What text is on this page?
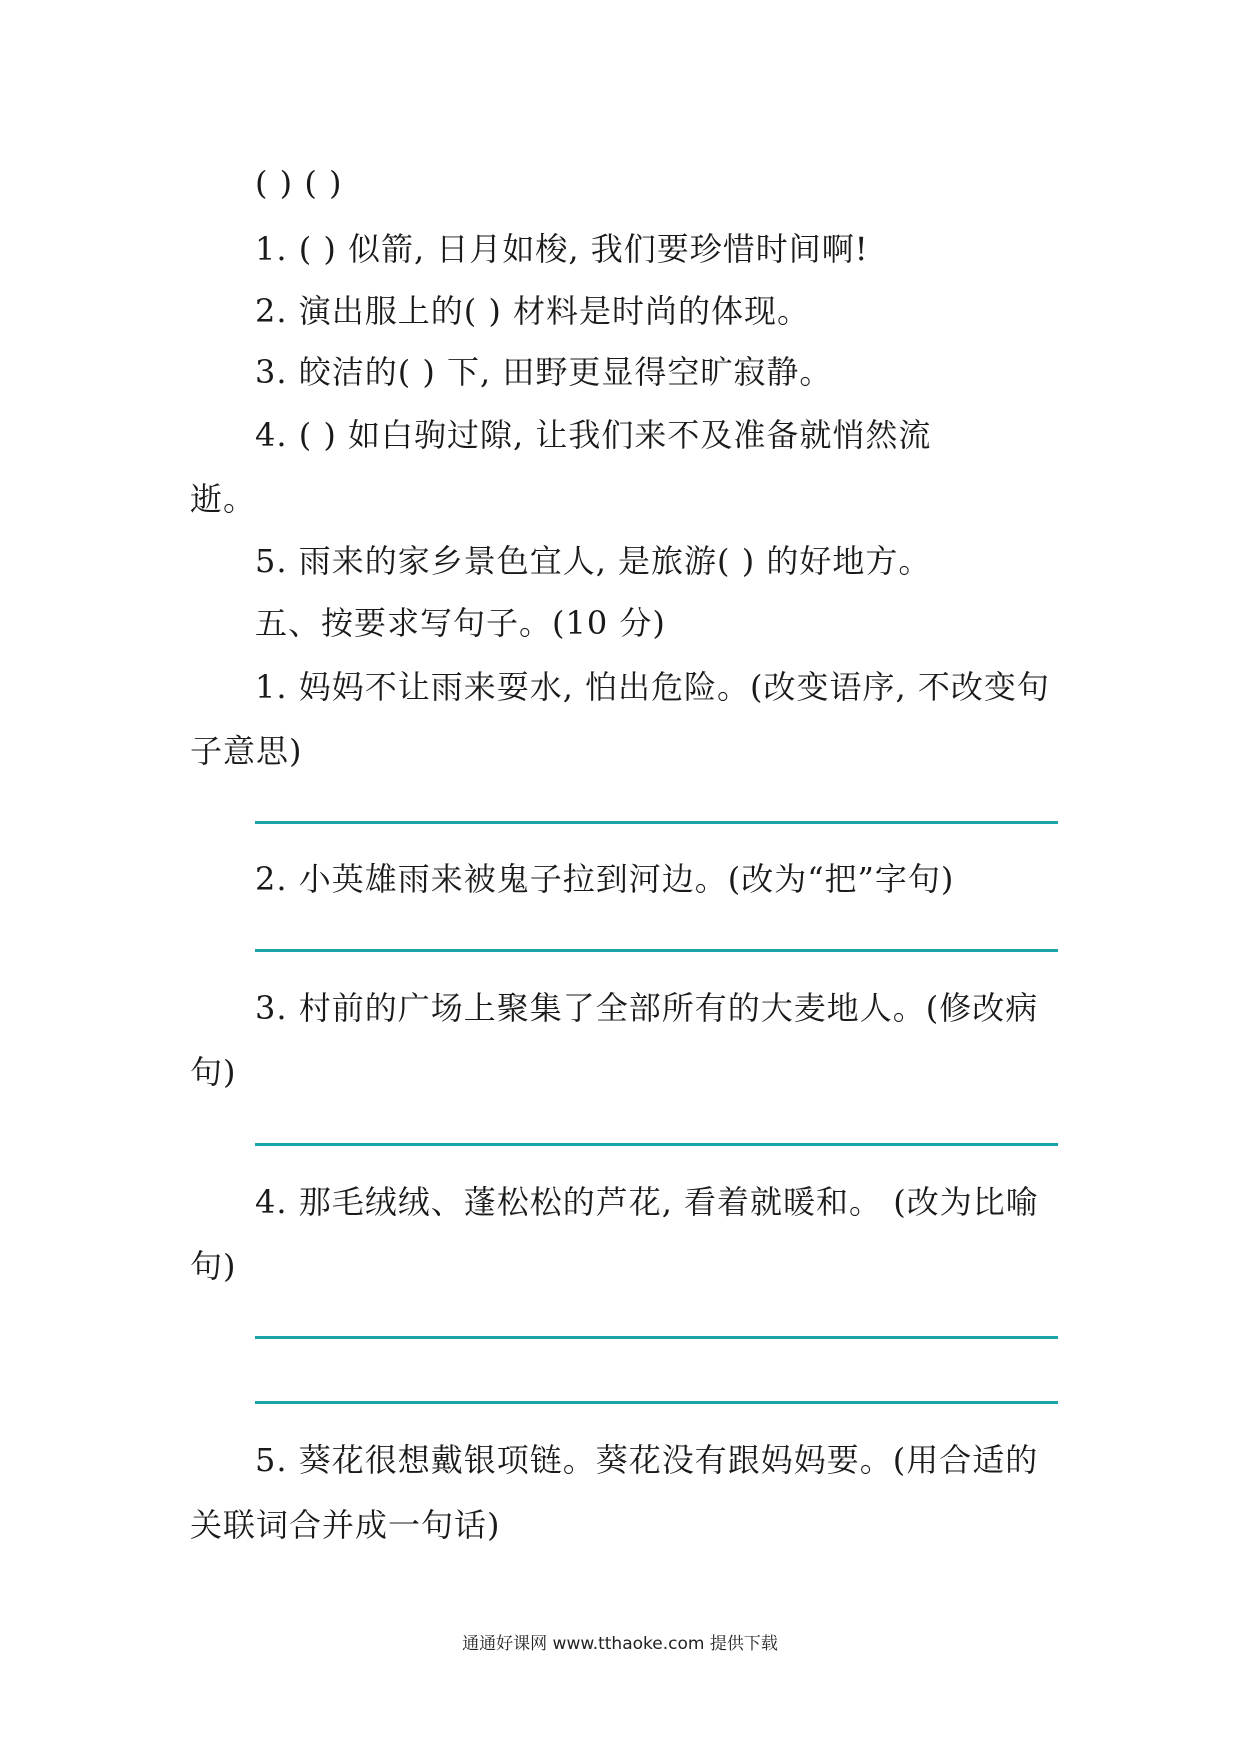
( ) ( )
1. ( ) 似箭, 日月如梭, 我们要珍惜时间啊!
2. 演出服上的( ) 材料是时尚的体现。
3. 皎洁的( ) 下, 田野更显得空旷寂静。
4. ( ) 如白驹过隙, 让我们来不及准备就悄然流
逝。
5. 雨来的家乡景色宜人, 是旅游( ) 的好地方。
五、按要求写句子。(10 分)
1. 妈妈不让雨来耍水, 怕出危险。(改变语序, 不改变句
子意思)
2. 小英雄雨来被鬼子拉到河边。(改为“把”字句)
3. 村前的广场上聚集了全部所有的大麦地人。(修改病
句)
4. 那毛绒绒、蓬松松的芦花, 看着就暖和。 (改为比喻
句)
5. 葵花很想戴银项链。葵花没有跟妈妈要。(用合适的
关联词合并成一句话)
通通好课网 www.tthaoke.com 提供下载
